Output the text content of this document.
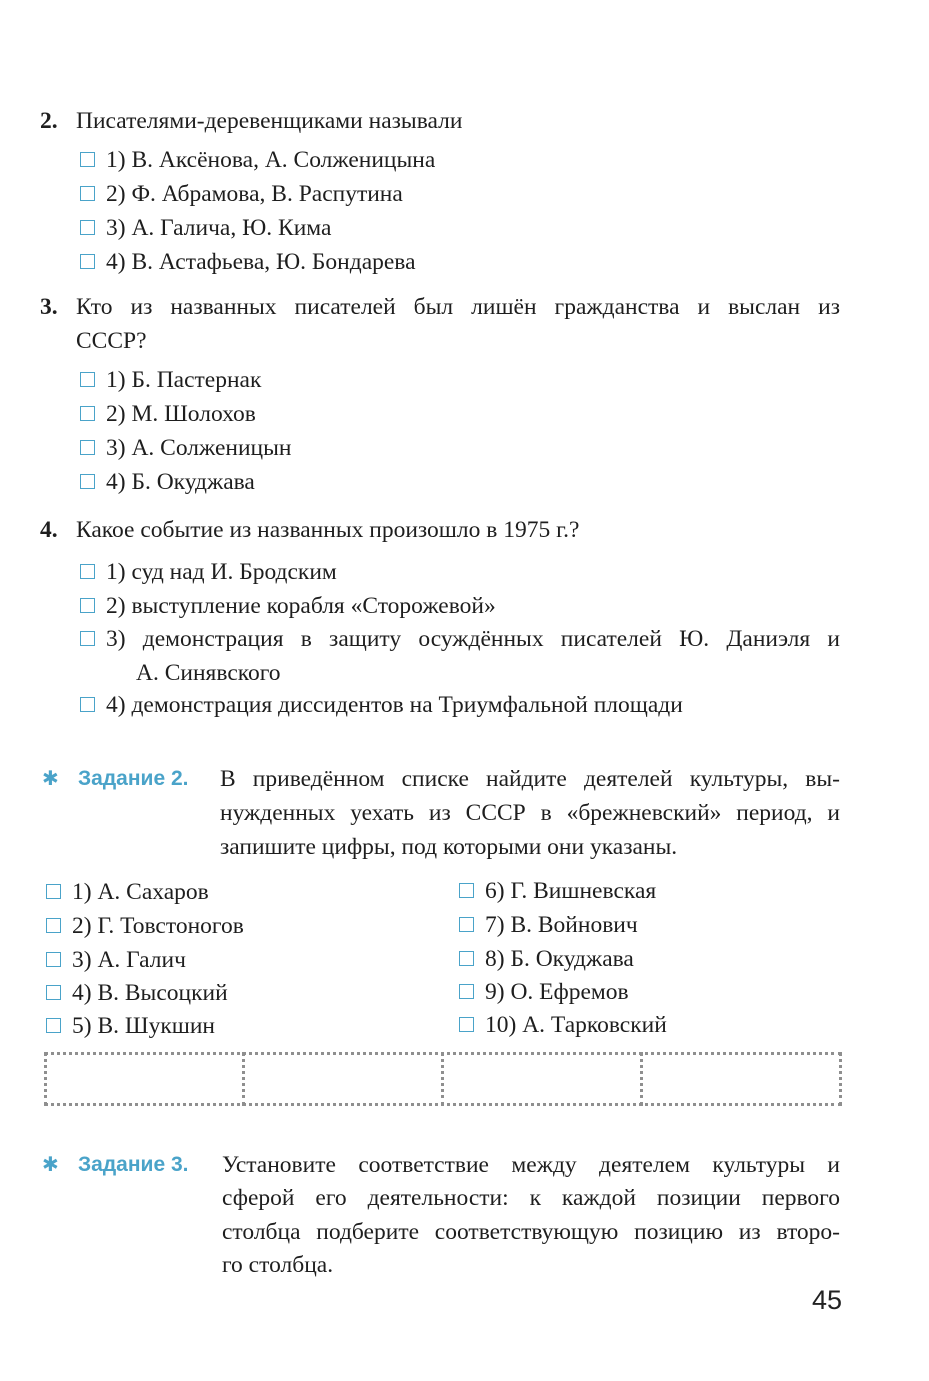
2. Писателями-деревенщиками называли
1) В. Аксёнова, А. Солженицына
2) Ф. Абрамова, В. Распутина
3) А. Галича, Ю. Кима
4) В. Астафьева, Ю. Бондарева
3. Кто из названных писателей был лишён гражданства и выслан из
СССР?
1) Б. Пастернак
2) М. Шолохов
3) А. Солженицын
4) Б. Окуджава
4. Какое событие из названных произошло в 1975 г.?
1) суд над И. Бродским
2) выступление корабля «Сторожевой»
3) демонстрация в защиту осуждённых писателей Ю. Даниэля и
А. Синявского
4) демонстрация диссидентов на Триумфальной площади
✱ Задание 2. В приведённом списке найдите деятелей культуры, вы-
нужденных уехать из СССР в «брежневский» период, и
запишите цифры, под которыми они указаны.
1) А. Сахаров
2) Г. Товстоногов
3) А. Галич
4) В. Высоцкий
5) В. Шукшин
6) Г. Вишневская
7) В. Войнович
8) Б. Окуджава
9) О. Ефремов
10) А. Тарковский
✱ Задание 3. Установите соответствие между деятелем культуры и
сферой его деятельности: к каждой позиции первого
столбца подберите соответствующую позицию из второ-
го столбца.
45
